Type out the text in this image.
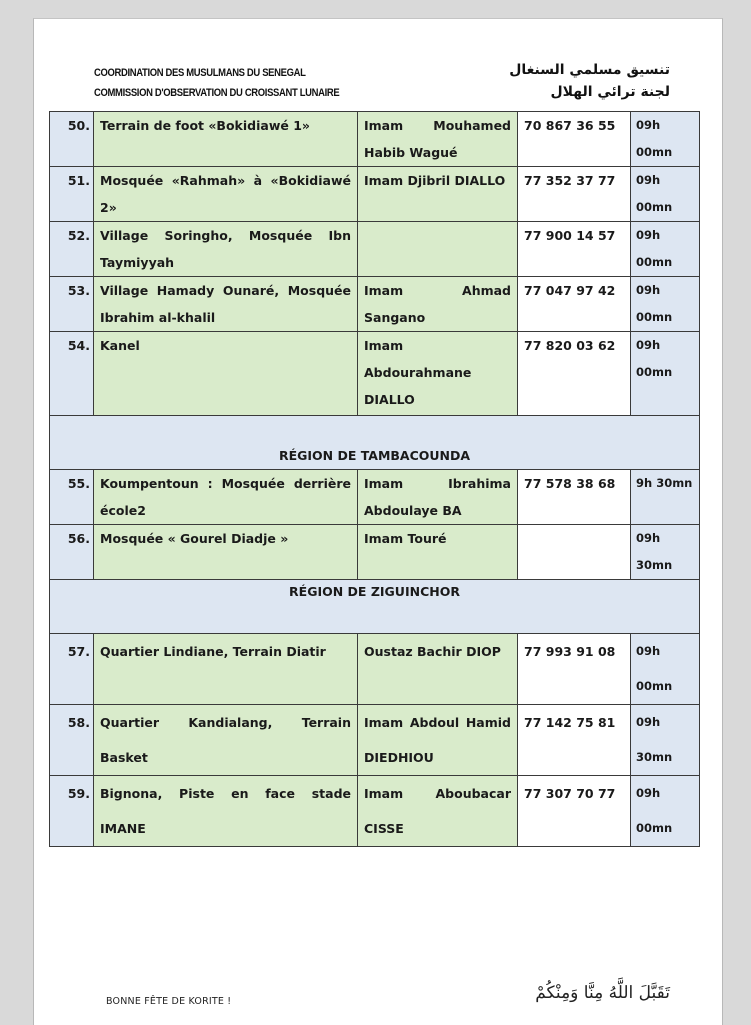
COORDINATION DES MUSULMANS DU SENEGAL
COMMISSION D'OBSERVATION DU CROISSANT LUNAIRE
تنسيق مسلمي السنغال
لجنة ترائي الهلال
50.	Terrain de foot «Bokidiawé 1»	Imam Mouhamed Habib Wagué	70 867 36 55	09h 00mn

51.	Mosquée «Rahmah» à «Bokidiawé 2»	Imam Djibril DIALLO	77 352 37 77	09h 00mn

52.	Village Soringho, Mosquée Ibn Taymiyyah		77 900 14 57	09h 00mn

53.	Village Hamady Ounaré, Mosquée Ibrahim al-khalil	Imam Ahmad Sangano	77 047 97 42	09h 00mn

54.	Kanel	Imam Abdourahmane DIALLO	77 820 03 62	09h 00mn

RÉGION DE TAMBACOUNDA				

55.	Koumpentoun : Mosquée derrière école2	Imam Ibrahima Abdoulaye BA	77 578 38 68	9h 30mn

56.	Mosquée « Gourel Diadje »	Imam Touré		09h 30mn

RÉGION DE ZIGUINCHOR				

57.	Quartier Lindiane, Terrain Diatir	Oustaz Bachir DIOP	77 993 91 08	09h 00mn

58.	Quartier Kandialang, Terrain Basket	Imam Abdoul Hamid DIEDHIOU	77 142 75 81	09h 30mn

59.	Bignona, Piste en face stade IMANE	Imam Aboubacar CISSE	77 307 70 77	09h 00mn
BONNE FÊTE DE KORITE !	تَقَبَّلَ اللَّهُ مِنَّا وَمِنْكُمْ
